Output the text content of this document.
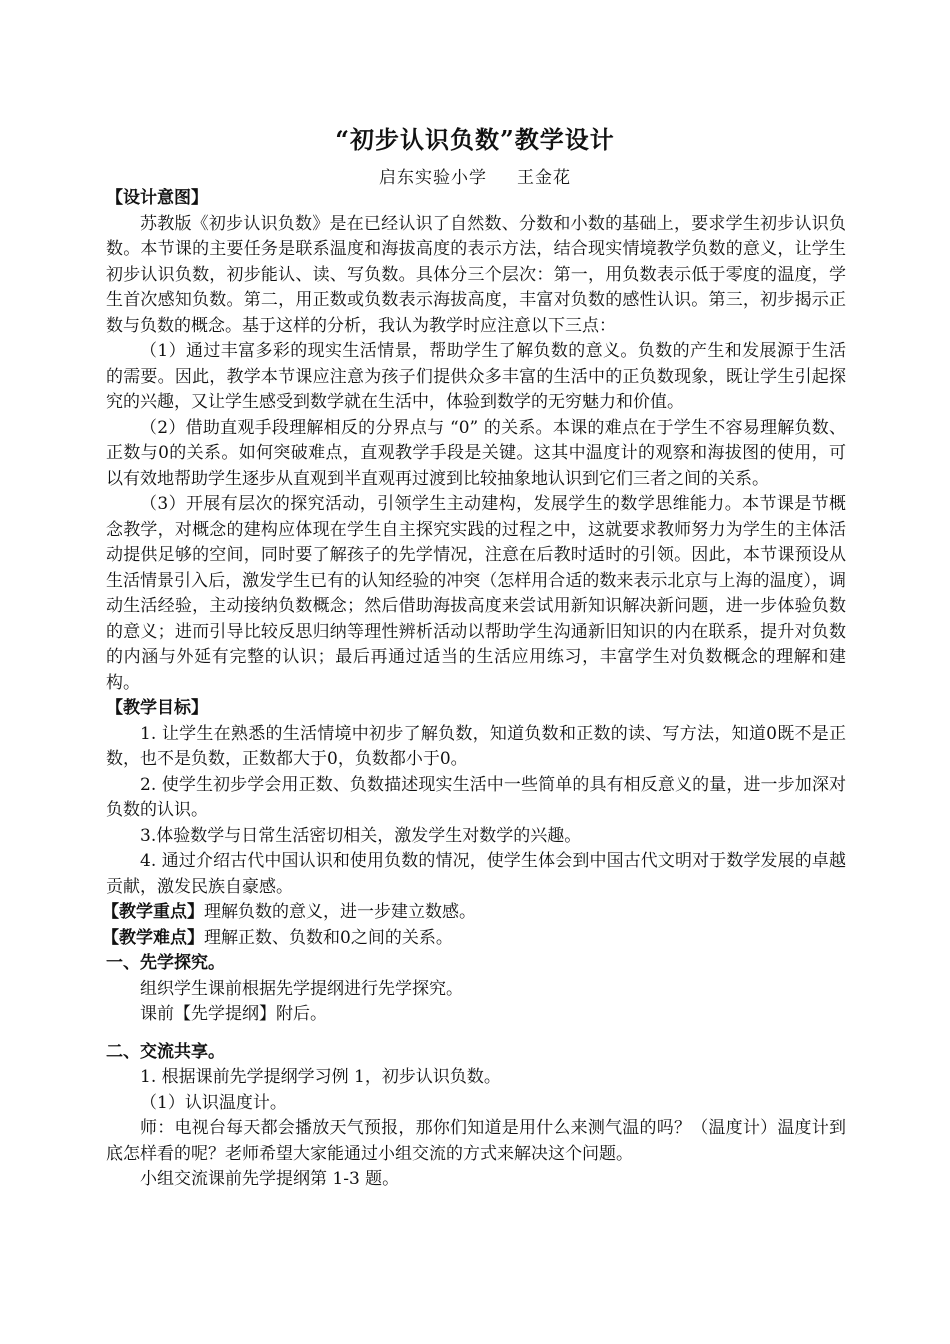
“初步认识负数”教学设计
启东实验小学 王金花

【设计意图】

苏教版《初步认识负数》是在已经认识了自然数、分数和小数的基础上，要求学生初步认识负数。本节课的主要任务是联系温度和海拔高度的表示方法，结合现实情境教学负数的意义，让学生初步认识负数，初步能认、读、写负数。具体分三个层次：第一，用负数表示低于零度的温度，学生首次感知负数。第二，用正数或负数表示海拔高度，丰富对负数的感性认识。第三，初步揭示正数与负数的概念。基于这样的分析，我认为教学时应注意以下三点：

（1）通过丰富多彩的现实生活情景，帮助学生了解负数的意义。负数的产生和发展源于生活的需要。因此，教学本节课应注意为孩子们提供众多丰富的生活中的正负数现象，既让学生引起探究的兴趣，又让学生感受到数学就在生活中，体验到数学的无穷魅力和价值。

（2）借助直观手段理解相反的分界点与 “0” 的关系。本课的难点在于学生不容易理解负数、正数与0的关系。如何突破难点，直观教学手段是关键。这其中温度计的观察和海拔图的使用，可以有效地帮助学生逐步从直观到半直观再过渡到比较抽象地认识到它们三者之间的关系。

（3）开展有层次的探究活动，引领学生主动建构，发展学生的数学思维能力。本节课是节概念教学，对概念的建构应体现在学生自主探究实践的过程之中，这就要求教师努力为学生的主体活动提供足够的空间，同时要了解孩子的先学情况，注意在后教时适时的引领。因此，本节课预设从生活情景引入后，激发学生已有的认知经验的冲突（怎样用合适的数来表示北京与上海的温度），调动生活经验，主动接纳负数概念；然后借助海拔高度来尝试用新知识解决新问题，进一步体验负数的意义；进而引导比较反思归纳等理性辨析活动以帮助学生沟通新旧知识的内在联系，提升对负数的内涵与外延有完整的认识；最后再通过适当的生活应用练习，丰富学生对负数概念的理解和建构。

【教学目标】

1. 让学生在熟悉的生活情境中初步了解负数，知道负数和正数的读、写方法，知道0既不是正数，也不是负数，正数都大于0，负数都小于0。

2. 使学生初步学会用正数、负数描述现实生活中一些简单的具有相反意义的量，进一步加深对负数的认识。

3.体验数学与日常生活密切相关，激发学生对数学的兴趣。

4. 通过介绍古代中国认识和使用负数的情况，使学生体会到中国古代文明对于数学发展的卓越贡献，激发民族自豪感。

【教学重点】理解负数的意义，进一步建立数感。

【教学难点】理解正数、负数和0之间的关系。

一、先学探究。

组织学生课前根据先学提纲进行先学探究。

课前【先学提纲】附后。

二、交流共享。

1. 根据课前先学提纲学习例 1，初步认识负数。

（1）认识温度计。

师：电视台每天都会播放天气预报，那你们知道是用什么来测气温的吗？（温度计）温度计到底怎样看的呢？老师希望大家能通过小组交流的方式来解决这个问题。

小组交流课前先学提纲第 1-3 题。
